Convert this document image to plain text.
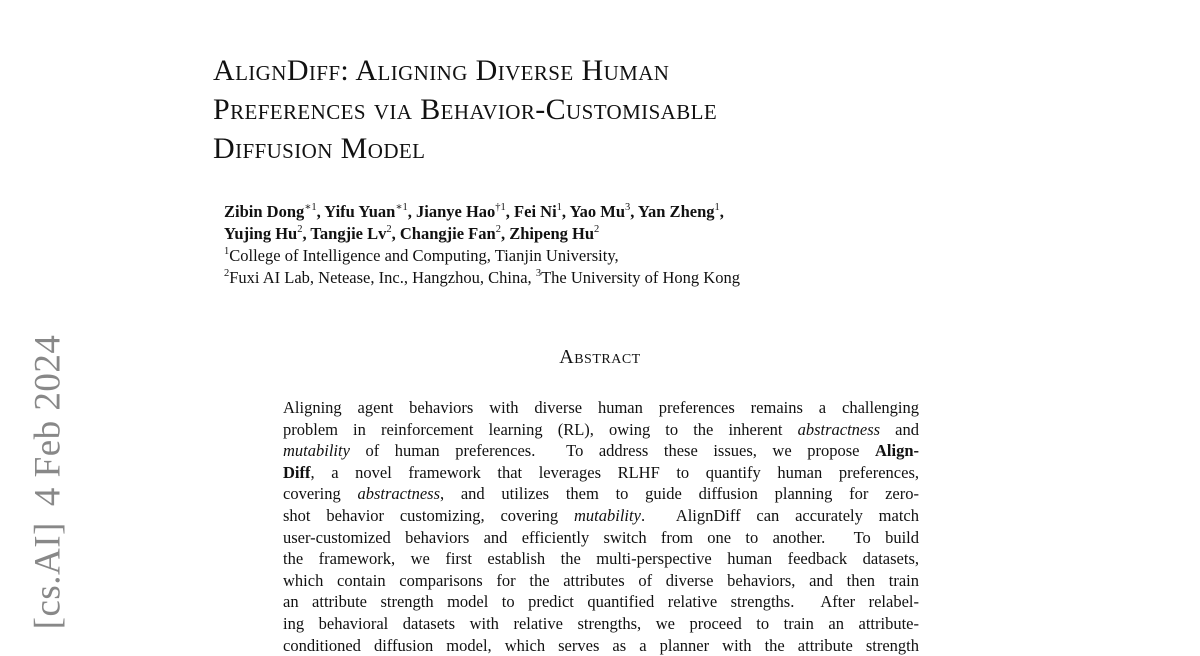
[cs.AI]4 Feb 2024
AlignDiff: Aligning Diverse Human
Preferences via Behavior-Customisable
Diffusion Model
Zibin Dong$^{∗1}$, Yifu Yuan$^{∗1}$, Jianye Hao$^{\dagger 1}$, Fei Ni$^1$, Yao Mu$^3$, Yan Zheng$^1$,
Yujing Hu$^2$, Tangjie Lv$^2$, Changjie Fan$^2$, Zhipeng Hu$^2$
$^1$College of Intelligence and Computing, Tianjin University,
$^2$Fuxi AI Lab, Netease, Inc., Hangzhou, China, $^3$The University of Hong Kong
Abstract
Aligning agent behaviors with diverse human preferences remains a challenging
problem in reinforcement learning (RL), owing to the inherent abstractness and
mutability of human preferences.  To address these issues, we propose Align-
Diff, a novel framework that leverages RLHF to quantify human preferences,
covering abstractness, and utilizes them to guide diffusion planning for zero-
shot behavior customizing, covering mutability.  AlignDiff can accurately match
user-customized behaviors and efficiently switch from one to another.  To build
the framework, we first establish the multi-perspective human feedback datasets,
which contain comparisons for the attributes of diverse behaviors, and then train
an attribute strength model to predict quantified relative strengths.  After relabel-
ing behavioral datasets with relative strengths, we proceed to train an attribute-
conditioned diffusion model, which serves as a planner with the attribute strength
